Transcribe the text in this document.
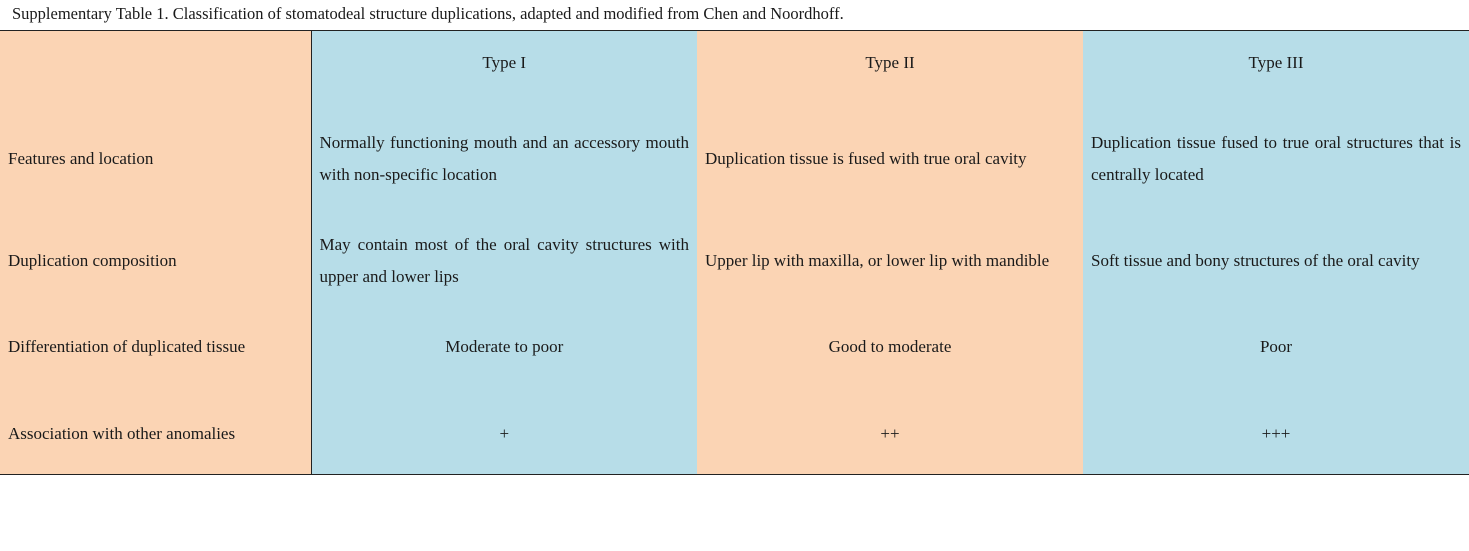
Supplementary Table 1. Classification of stomatodeal structure duplications, adapted and modified from Chen and Noordhoff.
	Type I	Type II	Type III
Features and location	Normally functioning mouth and an accessory mouth with non-specific location	Duplication tissue is fused with true oral cavity	Duplication tissue fused to true oral structures that is centrally located
Duplication composition	May contain most of the oral cavity structures with upper and lower lips	Upper lip with maxilla, or lower lip with mandible	Soft tissue and bony structures of the oral cavity
Differentiation of duplicated tissue	Moderate to poor	Good to moderate	Poor
Association with other anomalies	+	++	+++
